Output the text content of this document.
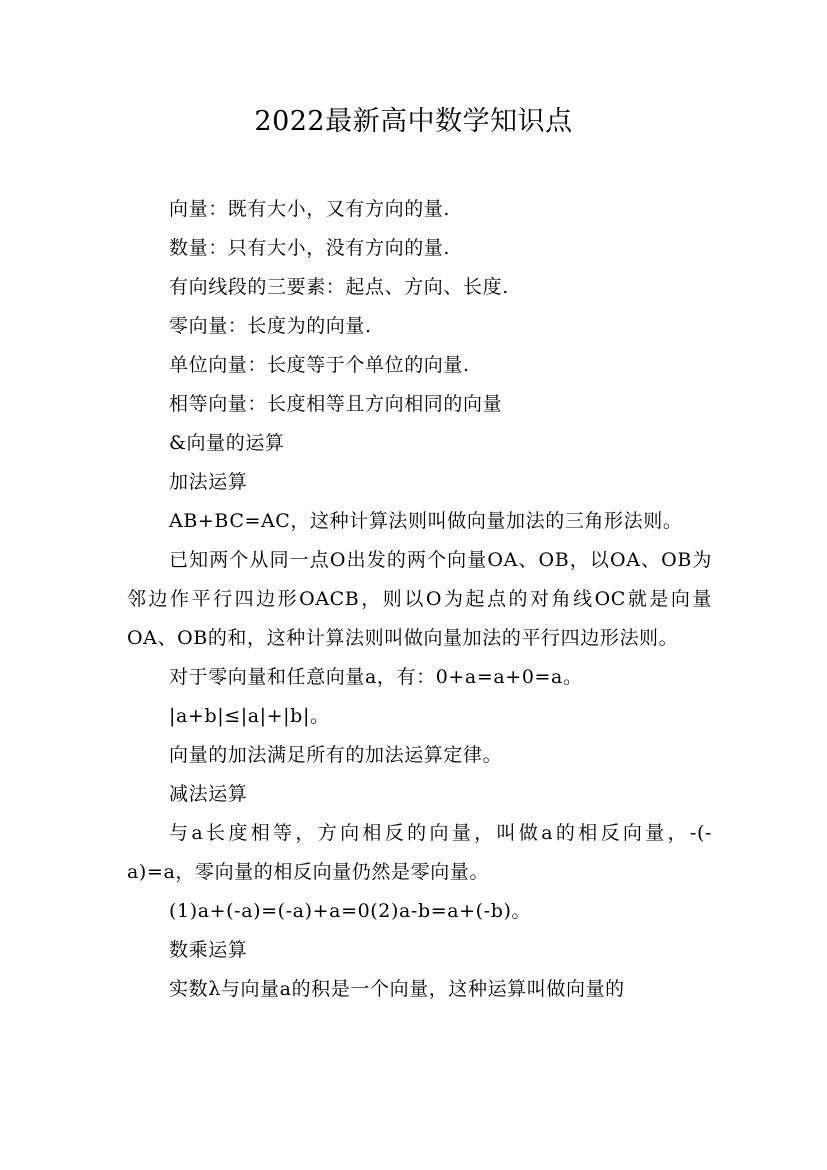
2022最新高中数学知识点

向量：既有大小，又有方向的量.

数量：只有大小，没有方向的量.

有向线段的三要素：起点、方向、长度.

零向量：长度为的向量.

单位向量：长度等于个单位的向量.

相等向量：长度相等且方向相同的向量

&向量的运算

加法运算

AB+BC=AC，这种计算法则叫做向量加法的三角形法则。

已知两个从同一点O出发的两个向量OA、OB，以OA、OB为邻边作平行四边形OACB，则以O为起点的对角线OC就是向量OA、OB的和，这种计算法则叫做向量加法的平行四边形法则。

对于零向量和任意向量a，有：0+a=a+0=a。

|a+b|≤|a|+|b|。

向量的加法满足所有的加法运算定律。

减法运算

与a长度相等，方向相反的向量，叫做a的相反向量，-(-a)=a，零向量的相反向量仍然是零向量。

(1)a+(-a)=(-a)+a=0(2)a-b=a+(-b)。

数乘运算

实数λ与向量a的积是一个向量，这种运算叫做向量的
